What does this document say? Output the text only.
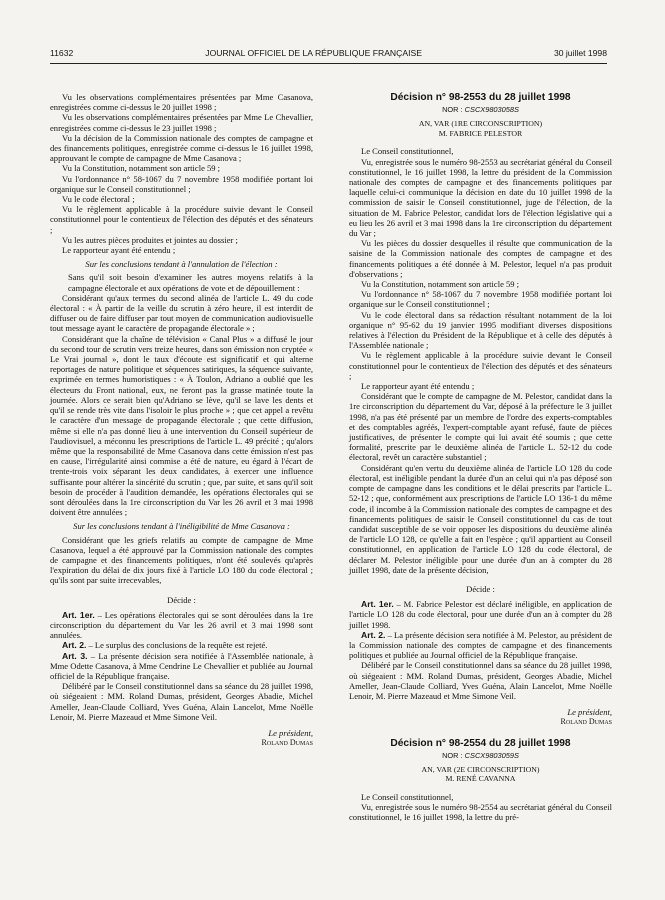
11632	JOURNAL OFFICIEL DE LA RÉPUBLIQUE FRANÇAISE	30 juillet 1998

Vu les observations complémentaires présentées par Mme Casanova, enregistrées comme ci-dessus le 20 juillet 1998 ;

Vu les observations complémentaires présentées par Mme Le Chevallier, enregistrées comme ci-dessus le 23 juillet 1998 ;

Vu la décision de la Commission nationale des comptes de campagne et des financements politiques, enregistrée comme ci-dessus le 16 juillet 1998, approuvant le compte de campagne de Mme Casanova ;

Vu la Constitution, notamment son article 59 ;

Vu l'ordonnance n° 58-1067 du 7 novembre 1958 modifiée portant loi organique sur le Conseil constitutionnel ;

Vu le code électoral ;

Vu le règlement applicable à la procédure suivie devant le Conseil constitutionnel pour le contentieux de l'élection des députés et des sénateurs ;

Vu les autres pièces produites et jointes au dossier ;

Le rapporteur ayant été entendu ;

Sur les conclusions tendant à l'annulation de l'élection :

Sans qu'il soit besoin d'examiner les autres moyens relatifs à la campagne électorale et aux opérations de vote et de dépouillement :

Considérant qu'aux termes du second alinéa de l'article L. 49 du code électoral : « À partir de la veille du scrutin à zéro heure, il est interdit de diffuser ou de faire diffuser par tout moyen de communication audiovisuelle tout message ayant le caractère de propagande électorale » ;

Considérant que la chaîne de télévision « Canal Plus » a diffusé le jour du second tour de scrutin vers treize heures, dans son émission non cryptée « Le Vrai journal », dont le taux d'écoute est significatif et qui alterne reportages de nature politique et séquences satiriques, la séquence suivante, exprimée en termes humoristiques : « À Toulon, Adriano a oublié que les électeurs du Front national, eux, ne feront pas la grasse matinée toute la journée. Alors ce serait bien qu'Adriano se lève, qu'il se lave les dents et qu'il se rende très vite dans l'isoloir le plus proche » ; que cet appel a revêtu le caractère d'un message de propagande électorale ; que cette diffusion, même si elle n'a pas donné lieu à une intervention du Conseil supérieur de l'audiovisuel, a méconnu les prescriptions de l'article L. 49 précité ; qu'alors même que la responsabilité de Mme Casanova dans cette émission n'est pas en cause, l'irrégularité ainsi commise a été de nature, eu égard à l'écart de trente-trois voix séparant les deux candidates, à exercer une influence suffisante pour altérer la sincérité du scrutin ; que, par suite, et sans qu'il soit besoin de procéder à l'audition demandée, les opérations électorales qui se sont déroulées dans la 1re circonscription du Var les 26 avril et 3 mai 1998 doivent être annulées ;

Sur les conclusions tendant à l'inéligibilité de Mme Casanova :

Considérant que les griefs relatifs au compte de campagne de Mme Casanova, lequel a été approuvé par la Commission nationale des comptes de campagne et des financements politiques, n'ont été soulevés qu'après l'expiration du délai de dix jours fixé à l'article LO 180 du code électoral ; qu'ils sont par suite irrecevables,

Décide :

Art. 1er. – Les opérations électorales qui se sont déroulées dans la 1re circonscription du département du Var les 26 avril et 3 mai 1998 sont annulées.

Art. 2. – Le surplus des conclusions de la requête est rejeté.

Art. 3. – La présente décision sera notifiée à l'Assemblée nationale, à Mme Odette Casanova, à Mme Cendrine Le Chevallier et publiée au Journal officiel de la République française.

Délibéré par le Conseil constitutionnel dans sa séance du 28 juillet 1998, où siégeaient : MM. Roland Dumas, président, Georges Abadie, Michel Ameller, Jean-Claude Colliard, Yves Guéna, Alain Lancelot, Mme Noëlle Lenoir, M. Pierre Mazeaud et Mme Simone Veil.

Le président,

Roland Dumas

Décision n° 98-2553 du 28 juillet 1998
NOR : CSCX9803058S
AN, VAR (1RE CIRCONSCRIPTION)
M. FABRICE PELESTOR

Le Conseil constitutionnel,

Vu, enregistrée sous le numéro 98-2553 au secrétariat général du Conseil constitutionnel, le 16 juillet 1998, la lettre du président de la Commission nationale des comptes de campagne et des financements politiques par laquelle celui-ci communique la décision en date du 10 juillet 1998 de la commission de saisir le Conseil constitutionnel, juge de l'élection, de la situation de M. Fabrice Pelestor, candidat lors de l'élection législative qui a eu lieu les 26 avril et 3 mai 1998 dans la 1re circonscription du département du Var ;

Vu les pièces du dossier desquelles il résulte que communication de la saisine de la Commission nationale des comptes de campagne et des financements politiques a été donnée à M. Pelestor, lequel n'a pas produit d'observations ;

Vu la Constitution, notamment son article 59 ;

Vu l'ordonnance n° 58-1067 du 7 novembre 1958 modifiée portant loi organique sur le Conseil constitutionnel ;

Vu le code électoral dans sa rédaction résultant notamment de la loi organique n° 95-62 du 19 janvier 1995 modifiant diverses dispositions relatives à l'élection du Président de la République et à celle des députés à l'Assemblée nationale ;

Vu le règlement applicable à la procédure suivie devant le Conseil constitutionnel pour le contentieux de l'élection des députés et des sénateurs ;

Le rapporteur ayant été entendu ;

Considérant que le compte de campagne de M. Pelestor, candidat dans la 1re circonscription du département du Var, déposé à la préfecture le 3 juillet 1998, n'a pas été présenté par un membre de l'ordre des experts-comptables et des comptables agréés, l'expert-comptable ayant refusé, faute de pièces justificatives, de présenter le compte qui lui avait été soumis ; que cette formalité, prescrite par le deuxième alinéa de l'article L. 52-12 du code électoral, revêt un caractère substantiel ;

Considérant qu'en vertu du deuxième alinéa de l'article LO 128 du code électoral, est inéligible pendant la durée d'un an celui qui n'a pas déposé son compte de campagne dans les conditions et le délai prescrits par l'article L. 52-12 ; que, conformément aux prescriptions de l'article LO 136-1 du même code, il incombe à la Commission nationale des comptes de campagne et des financements politiques de saisir le Conseil constitutionnel du cas de tout candidat susceptible de se voir opposer les dispositions du deuxième alinéa de l'article LO 128, ce qu'elle a fait en l'espèce ; qu'il appartient au Conseil constitutionnel, en application de l'article LO 128 du code électoral, de déclarer M. Pelestor inéligible pour une durée d'un an à compter du 28 juillet 1998, date de la présente décision,

Décide :

Art. 1er. – M. Fabrice Pelestor est déclaré inéligible, en application de l'article LO 128 du code électoral, pour une durée d'un an à compter du 28 juillet 1998.

Art. 2. – La présente décision sera notifiée à M. Pelestor, au président de la Commission nationale des comptes de campagne et des financements politiques et publiée au Journal officiel de la République française.

Délibéré par le Conseil constitutionnel dans sa séance du 28 juillet 1998, où siégeaient : MM. Roland Dumas, président, Georges Abadie, Michel Ameller, Jean-Claude Colliard, Yves Guéna, Alain Lancelot, Mme Noëlle Lenoir, M. Pierre Mazeaud et Mme Simone Veil.

Le président,

Roland Dumas

Décision n° 98-2554 du 28 juillet 1998
NOR : CSCX9803059S
AN, VAR (2E CIRCONSCRIPTION)
M. RENÉ CAVANNA

Le Conseil constitutionnel,

Vu, enregistrée sous le numéro 98-2554 au secrétariat général du Conseil constitutionnel, le 16 juillet 1998, la lettre du pré-
